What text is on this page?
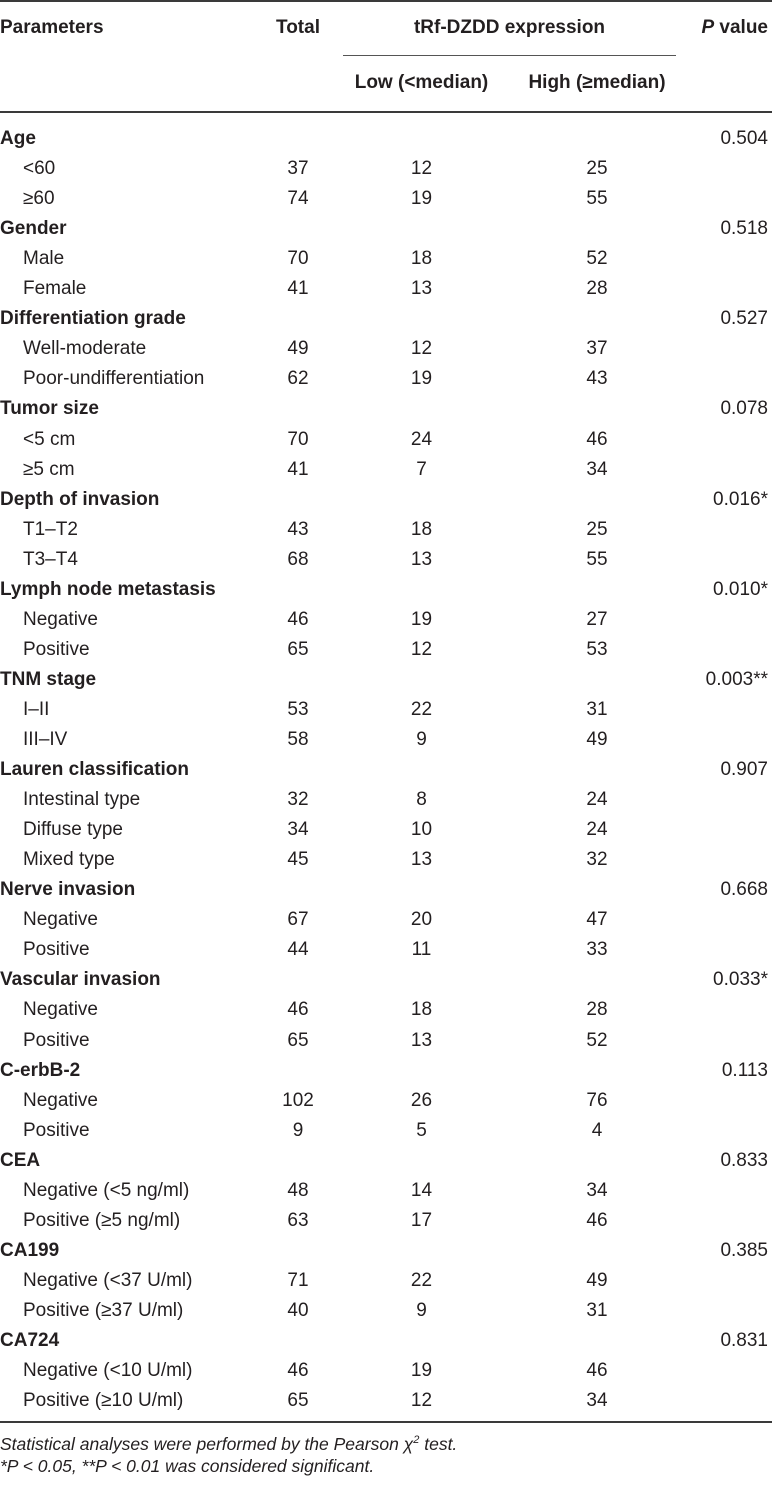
Parameters	Total	tRf-DZDD expression	P value
Low (<median)	High (≥median)
Age	0.504
<60	37	12	25
≥60	74	19	55
Gender	0.518
Male	70	18	52
Female	41	13	28
Differentiation grade	0.527
Well-moderate	49	12	37
Poor-undifferentiation	62	19	43
Tumor size	0.078
<5 cm	70	24	46
≥5 cm	41	7	34
Depth of invasion	0.016*
T1–T2	43	18	25
T3–T4	68	13	55
Lymph node metastasis	0.010*
Negative	46	19	27
Positive	65	12	53
TNM stage	0.003**
I–II	53	22	31
III–IV	58	9	49
Lauren classification	0.907
Intestinal type	32	8	24
Diffuse type	34	10	24
Mixed type	45	13	32
Nerve invasion	0.668
Negative	67	20	47
Positive	44	11	33
Vascular invasion	0.033*
Negative	46	18	28
Positive	65	13	52
C-erbB-2	0.113
Negative	102	26	76
Positive	9	5	4
CEA	0.833
Negative (<5 ng/ml)	48	14	34
Positive (≥5 ng/ml)	63	17	46
CA199	0.385
Negative (<37 U/ml)	71	22	49
Positive (≥37 U/ml)	40	9	31
CA724	0.831
Negative (<10 U/ml)	46	19	46
Positive (≥10 U/ml)	65	12	34
Statistical analyses were performed by the Pearson $\chi^2$ test.
*P < 0.05, **P < 0.01 was considered significant.
